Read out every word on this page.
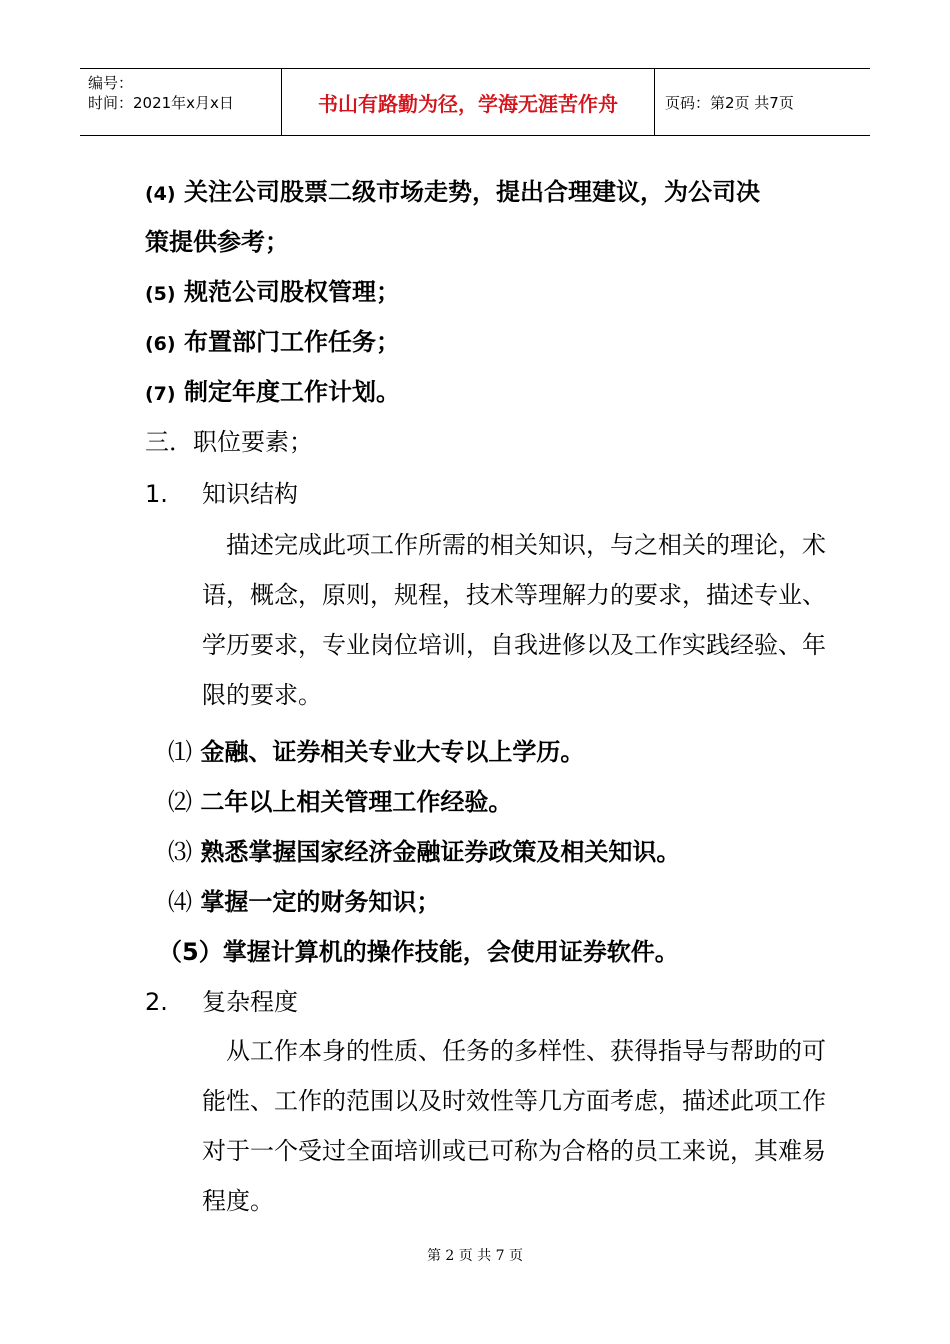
编号：
时间：2021年x月x日	书山有路勤为径，学海无涯苦作舟	页码：第2页 共7页
(4) 关注公司股票二级市场走势，提出合理建议，为公司决
策提供参考；
(5) 规范公司股权管理；
(6) 布置部门工作任务；
(7) 制定年度工作计划。
三．职位要素；
1. 知识结构
描述完成此项工作所需的相关知识，与之相关的理论，术语，概念，原则，规程，技术等理解力的要求，描述专业、学历要求，专业岗位培训，自我进修以及工作实践经验、年限的要求。
⑴ 金融、证券相关专业大专以上学历。
⑵ 二年以上相关管理工作经验。
⑶ 熟悉掌握国家经济金融证券政策及相关知识。
⑷ 掌握一定的财务知识；
（5）掌握计算机的操作技能，会使用证券软件。
2. 复杂程度
从工作本身的性质、任务的多样性、获得指导与帮助的可能性、工作的范围以及时效性等几方面考虑，描述此项工作对于一个受过全面培训或已可称为合格的员工来说，其难易程度。
第 2 页 共 7 页
